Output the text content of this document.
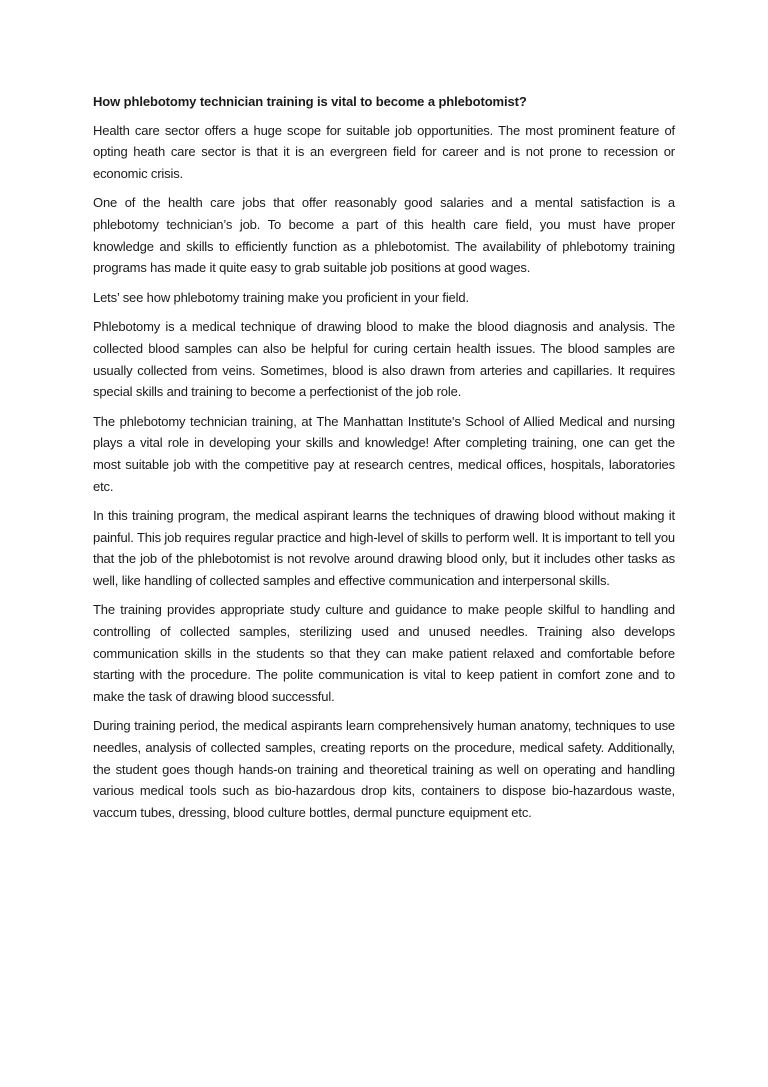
How phlebotomy technician training is vital to become a phlebotomist?

Health care sector offers a huge scope for suitable job opportunities. The most prominent feature of opting heath care sector is that it is an evergreen field for career and is not prone to recession or economic crisis.

One of the health care jobs that offer reasonably good salaries and a mental satisfaction is a phlebotomy technician’s job. To become a part of this health care field, you must have proper knowledge and skills to efficiently function as a phlebotomist. The availability of phlebotomy training programs has made it quite easy to grab suitable job positions at good wages.

Lets’ see how phlebotomy training make you proficient in your field.

Phlebotomy is a medical technique of drawing blood to make the blood diagnosis and analysis. The collected blood samples can also be helpful for curing certain health issues. The blood samples are usually collected from veins. Sometimes, blood is also drawn from arteries and capillaries. It requires special skills and training to become a perfectionist of the job role.

The phlebotomy technician training, at The Manhattan Institute's School of Allied Medical and nursing plays a vital role in developing your skills and knowledge! After completing training, one can get the most suitable job with the competitive pay at research centres, medical offices, hospitals, laboratories etc.

In this training program, the medical aspirant learns the techniques of drawing blood without making it painful. This job requires regular practice and high-level of skills to perform well. It is important to tell you that the job of the phlebotomist is not revolve around drawing blood only, but it includes other tasks as well, like handling of collected samples and effective communication and interpersonal skills.

The training provides appropriate study culture and guidance to make people skilful to handling and controlling of collected samples, sterilizing used and unused needles. Training also develops communication skills in the students so that they can make patient relaxed and comfortable before starting with the procedure. The polite communication is vital to keep patient in comfort zone and to make the task of drawing blood successful.

During training period, the medical aspirants learn comprehensively human anatomy, techniques to use needles, analysis of collected samples, creating reports on the procedure, medical safety. Additionally, the student goes though hands-on training and theoretical training as well on operating and handling various medical tools such as bio-hazardous drop kits, containers to dispose bio-hazardous waste, vaccum tubes, dressing, blood culture bottles, dermal puncture equipment etc.
